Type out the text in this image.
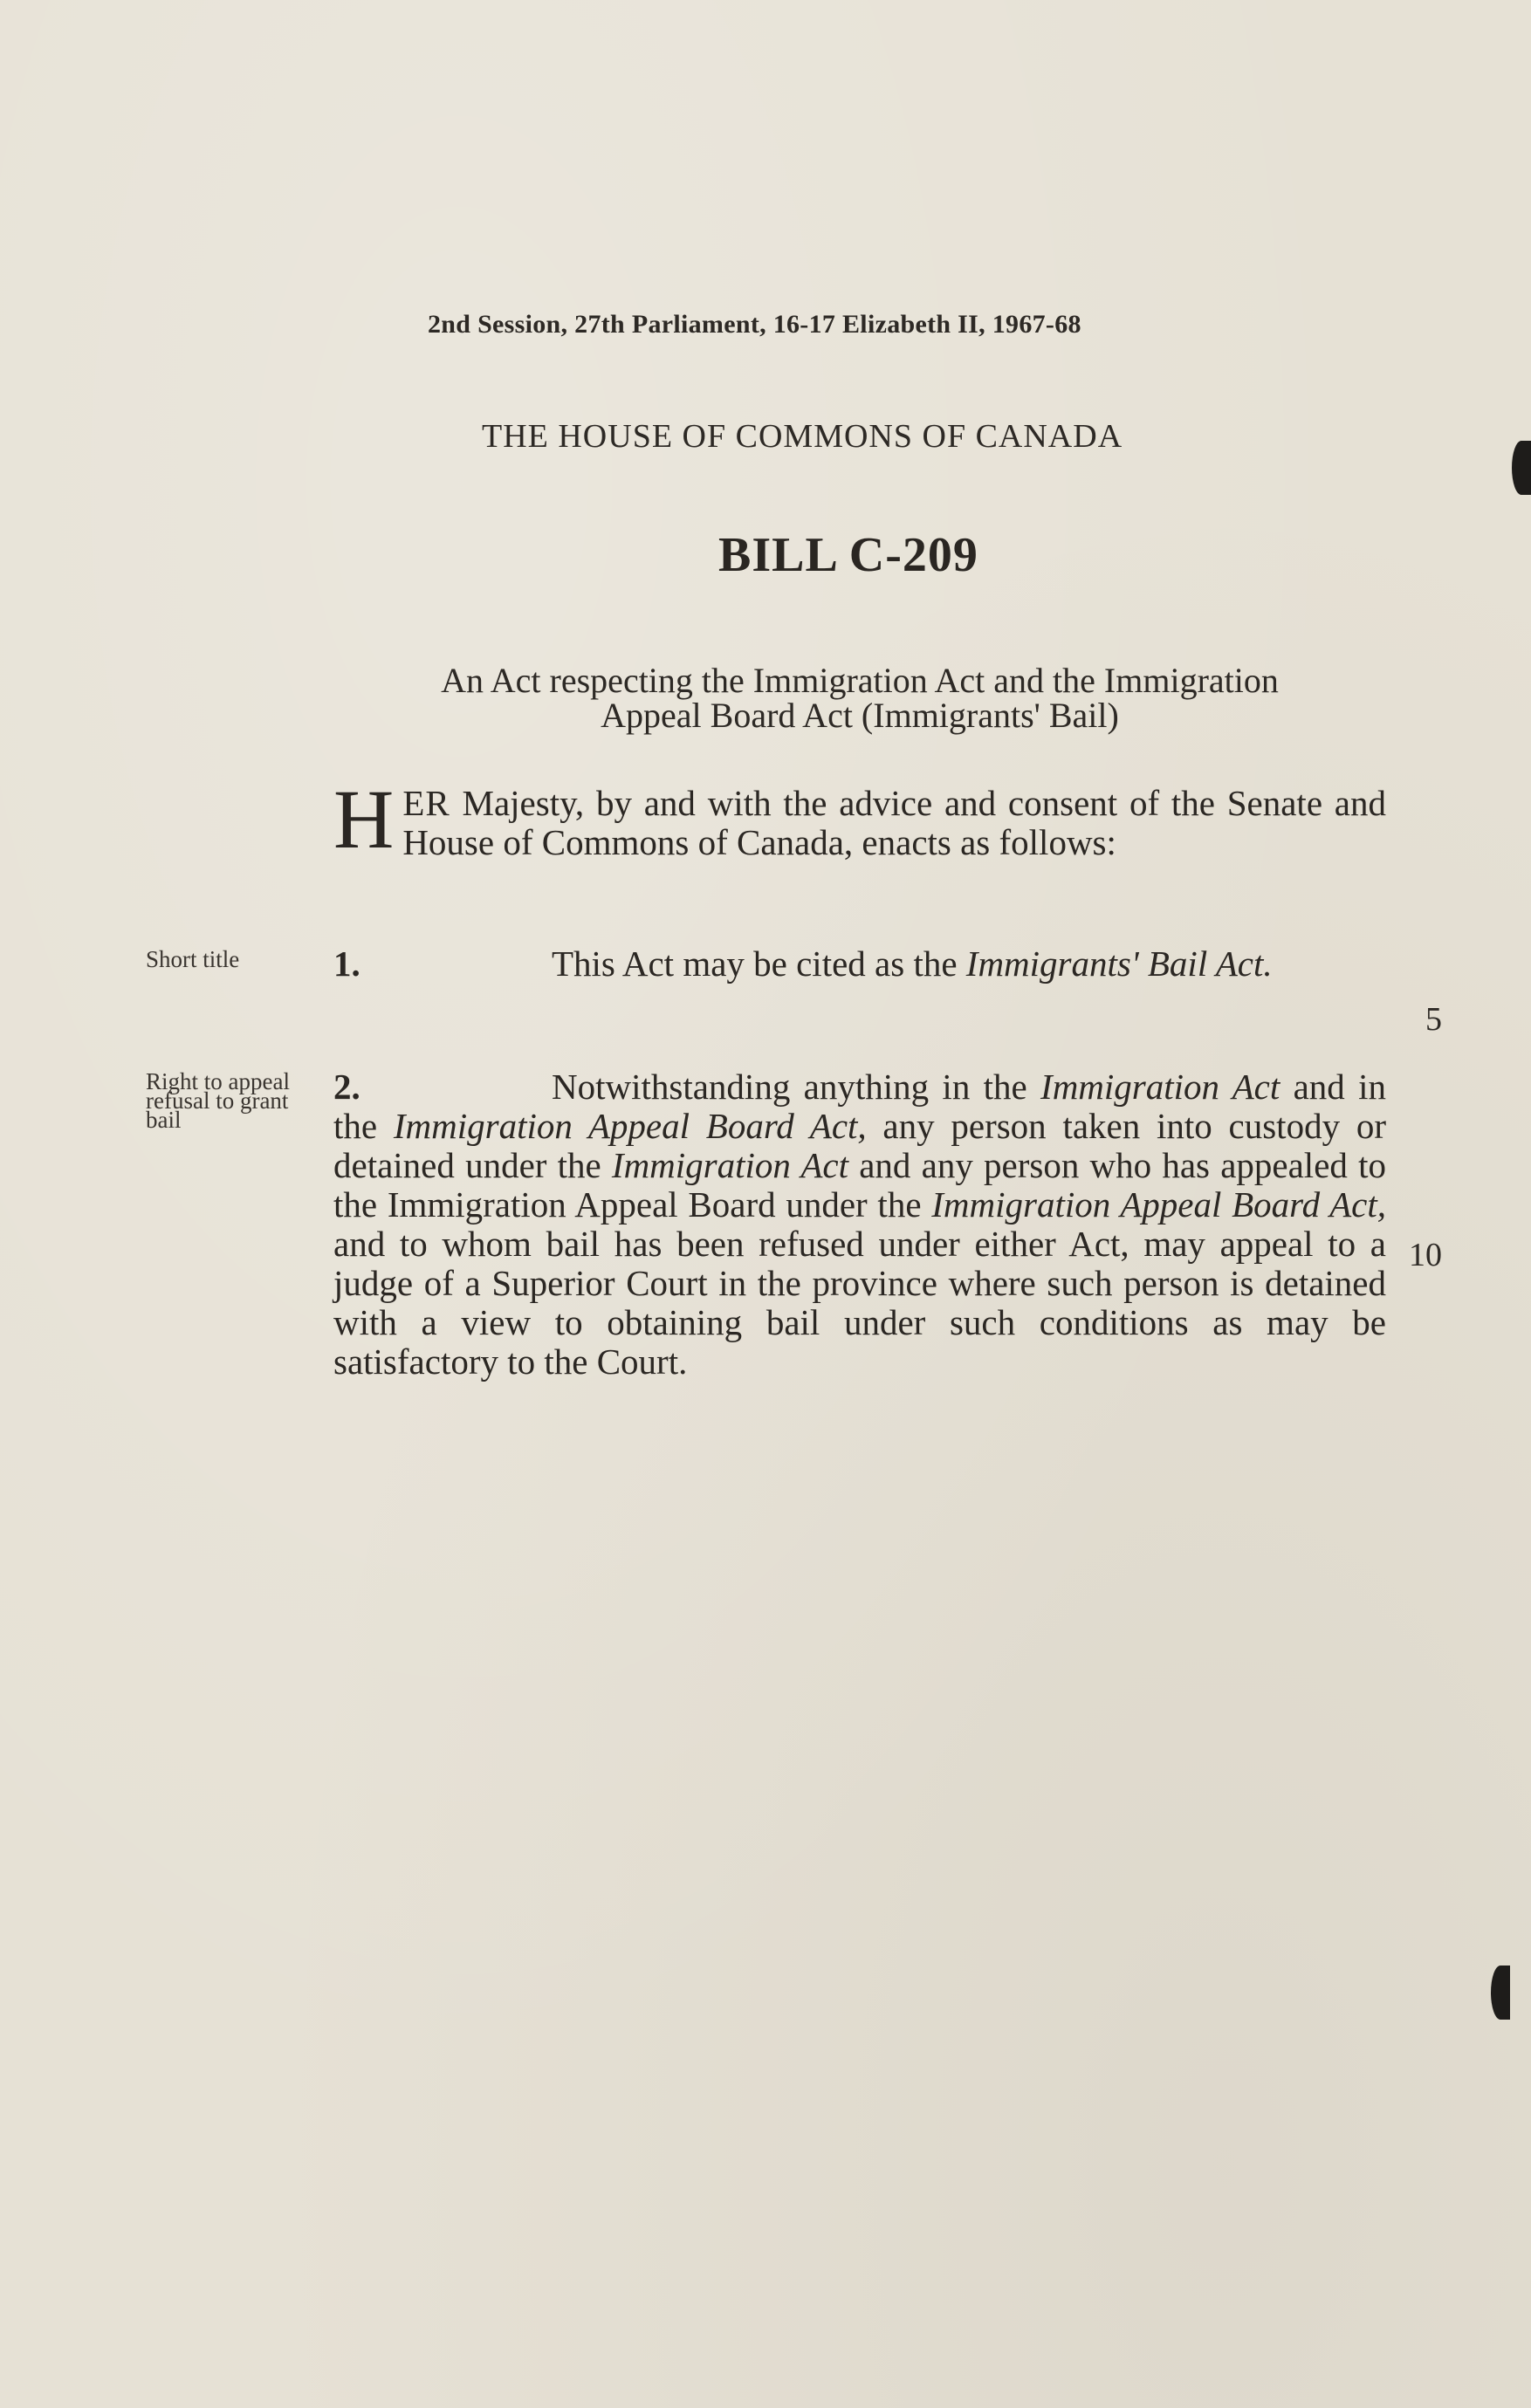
2nd Session, 27th Parliament, 16-17 Elizabeth II, 1967-68
THE HOUSE OF COMMONS OF CANADA
BILL C-209
An Act respecting the Immigration Act and the Immigration
Appeal Board Act (Immigrants' Bail)
HER Majesty, by and with the advice and consent of the Senate and House of Commons of Canada, enacts as follows:
Short title	1.	This Act may be cited as the Immigrants' Bail Act.
5
Right to appeal refusal to grant bail
2.	Notwithstanding anything in the Immigration Act and in the Immigration Appeal Board Act, any person taken into custody or detained under the Immigration Act and any person who has appealed to the Immigration Appeal Board under the Immigration Appeal Board Act, and to whom bail has been refused under either Act, may appeal to a judge of a Superior Court in the province where such person is detained with a view to obtaining bail under such conditions as may be satisfactory to the Court.
10
